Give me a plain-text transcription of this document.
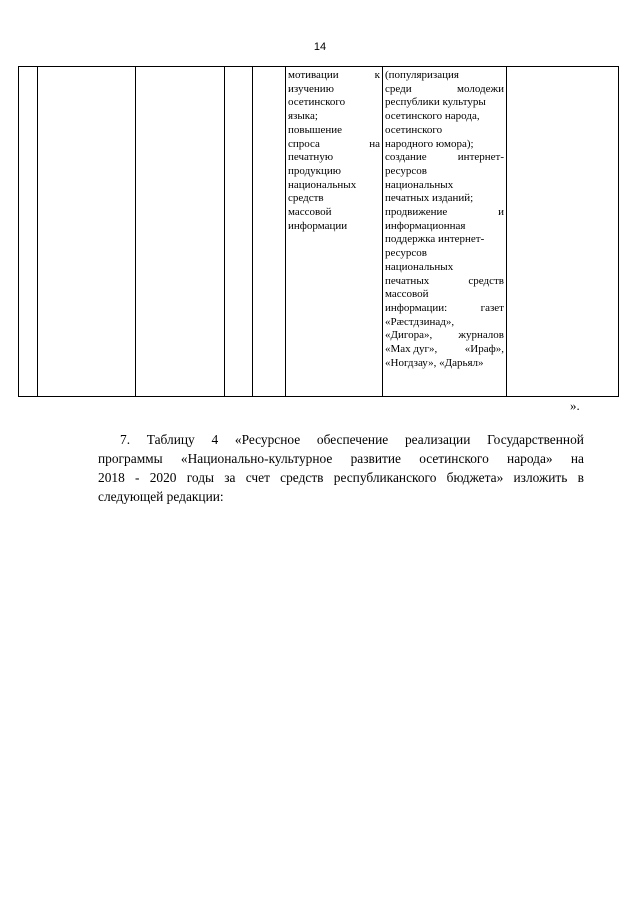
14

мотивации	к
изучению
осетинского
языка;
повышение
спроса	на
печатную
продукцию
национальных
средств
массовой
информации

(популяризация
среди	молодежи
республики культуры
осетинского народа,
осетинского
народного юмора);
создание	интернет-
ресурсов
национальных
печатных изданий;
продвижение	и
информационная
поддержка интернет-
ресурсов
национальных
печатных	средств
массовой
информации:	газет
«Рæстдзинад»,
«Дигора», журналов
«Мах дуг»,	«Ираф»,
«Ногдзау», «Дарьял»

».
7. Таблицу 4 «Ресурсное обеспечение реализации Государственной
программы «Национально-культурное развитие осетинского народа» на
2018 - 2020 годы за счет средств республиканского бюджета» изложить в
следующей редакции:
